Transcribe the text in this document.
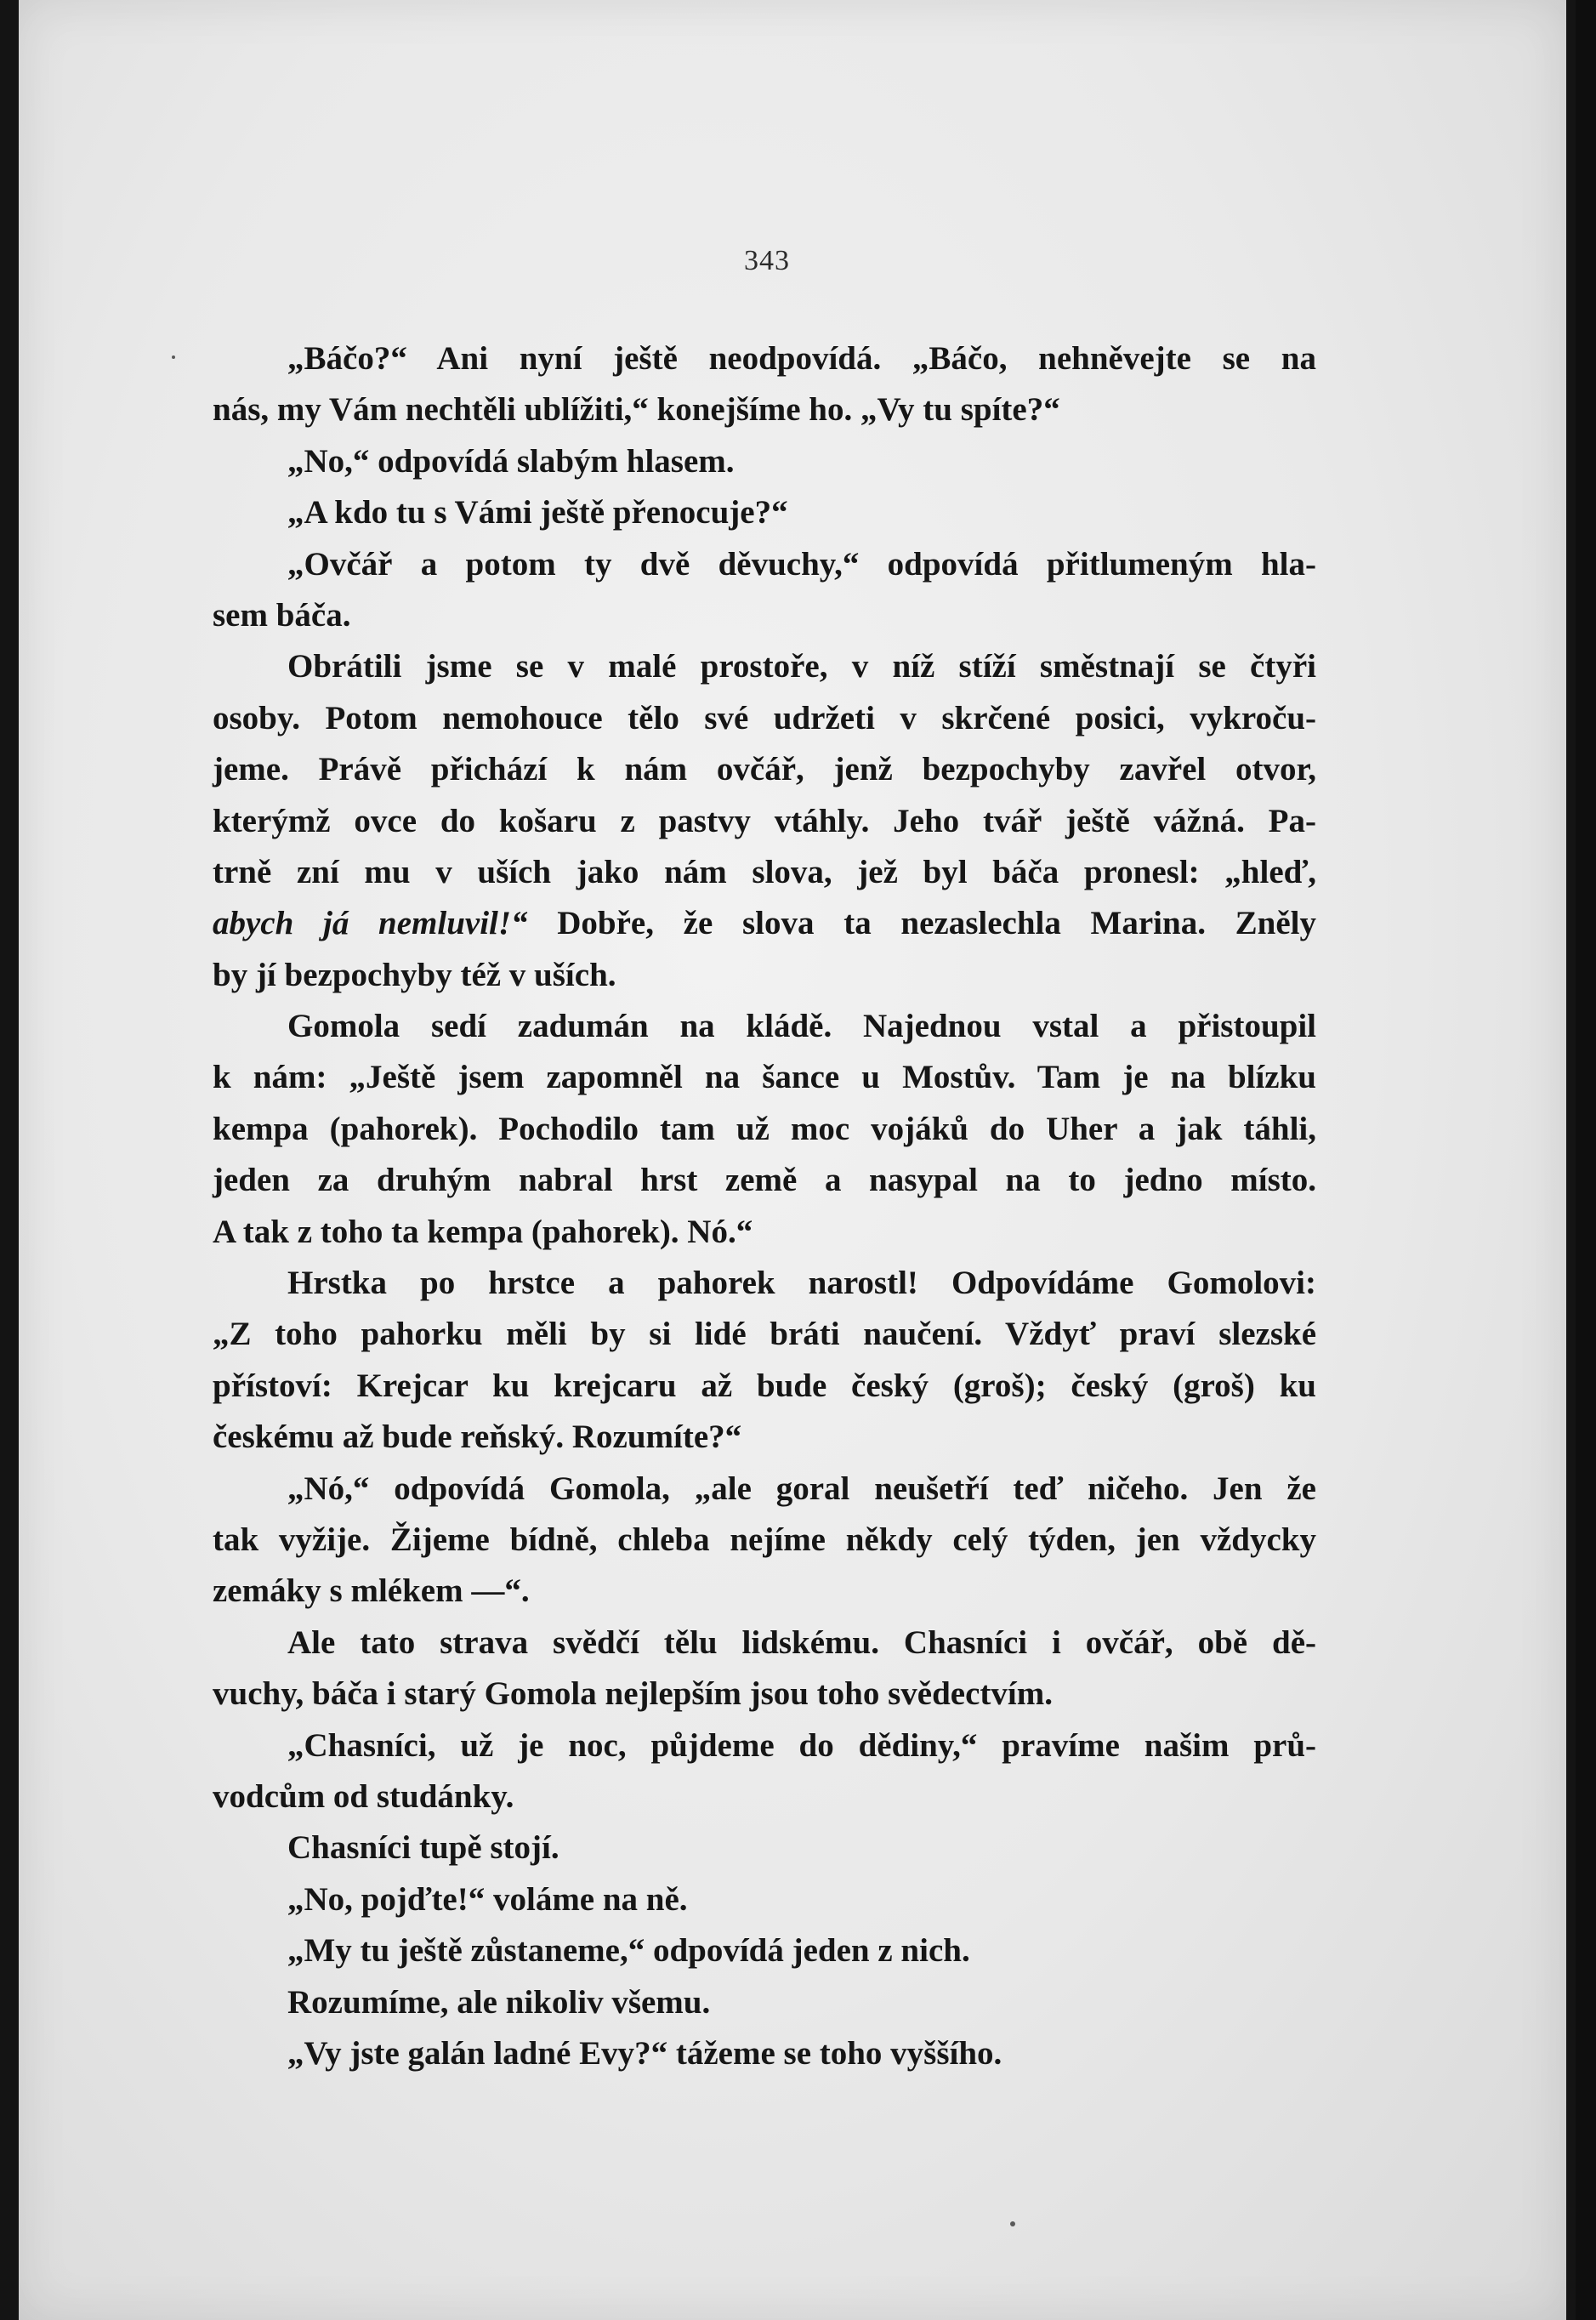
343
„Báčo?“ Ani nyní ještě neodpovídá. „Báčo, nehněvejte se na
nás, my Vám nechtěli ublížiti,“ konejšíme ho. „Vy tu spíte?“
„No,“ odpovídá slabým hlasem.
„A kdo tu s Vámi ještě přenocuje?“
„Ovčář a potom ty dvě děvuchy,“ odpovídá přitlumeným hla-
sem báča.
Obrátili jsme se v malé prostoře, v níž stíží směstnají se čtyři
osoby. Potom nemohouce tělo své udržeti v skrčené posici, vykroču-
jeme. Právě přichází k nám ovčář, jenž bezpochyby zavřel otvor,
kterýmž ovce do košaru z pastvy vtáhly. Jeho tvář ještě vážná. Pa-
trně zní mu v uších jako nám slova, jež byl báča pronesl: „hleď,
abych já nemluvil!“ Dobře, že slova ta nezaslechla Marina. Zněly
by jí bezpochyby též v uších.
Gomola sedí zadumán na kládě. Najednou vstal a přistoupil
k nám: „Ještě jsem zapomněl na šance u Mostův. Tam je na blízku
kempa (pahorek). Pochodilo tam už moc vojáků do Uher a jak táhli,
jeden za druhým nabral hrst země a nasypal na to jedno místo.
A tak z toho ta kempa (pahorek). Nó.“
Hrstka po hrstce a pahorek narostl! Odpovídáme Gomolovi:
„Z toho pahorku měli by si lidé bráti naučení. Vždyť praví slezské
přístoví: Krejcar ku krejcaru až bude český (groš); český (groš) ku
českému až bude reňský. Rozumíte?“
„Nó,“ odpovídá Gomola, „ale goral neušetří teď ničeho. Jen že
tak vyžije. Žijeme bídně, chleba nejíme někdy celý týden, jen vždycky
zemáky s mlékem —“.
Ale tato strava svědčí tělu lidskému. Chasníci i ovčář, obě dě-
vuchy, báča i starý Gomola nejlepším jsou toho svědectvím.
„Chasníci, už je noc, půjdeme do dědiny,“ pravíme našim prů-
vodcům od studánky.
Chasníci tupě stojí.
„No, pojďte!“ voláme na ně.
„My tu ještě zůstaneme,“ odpovídá jeden z nich.
Rozumíme, ale nikoliv všemu.
„Vy jste galán ladné Evy?“ tážeme se toho vyššího.
